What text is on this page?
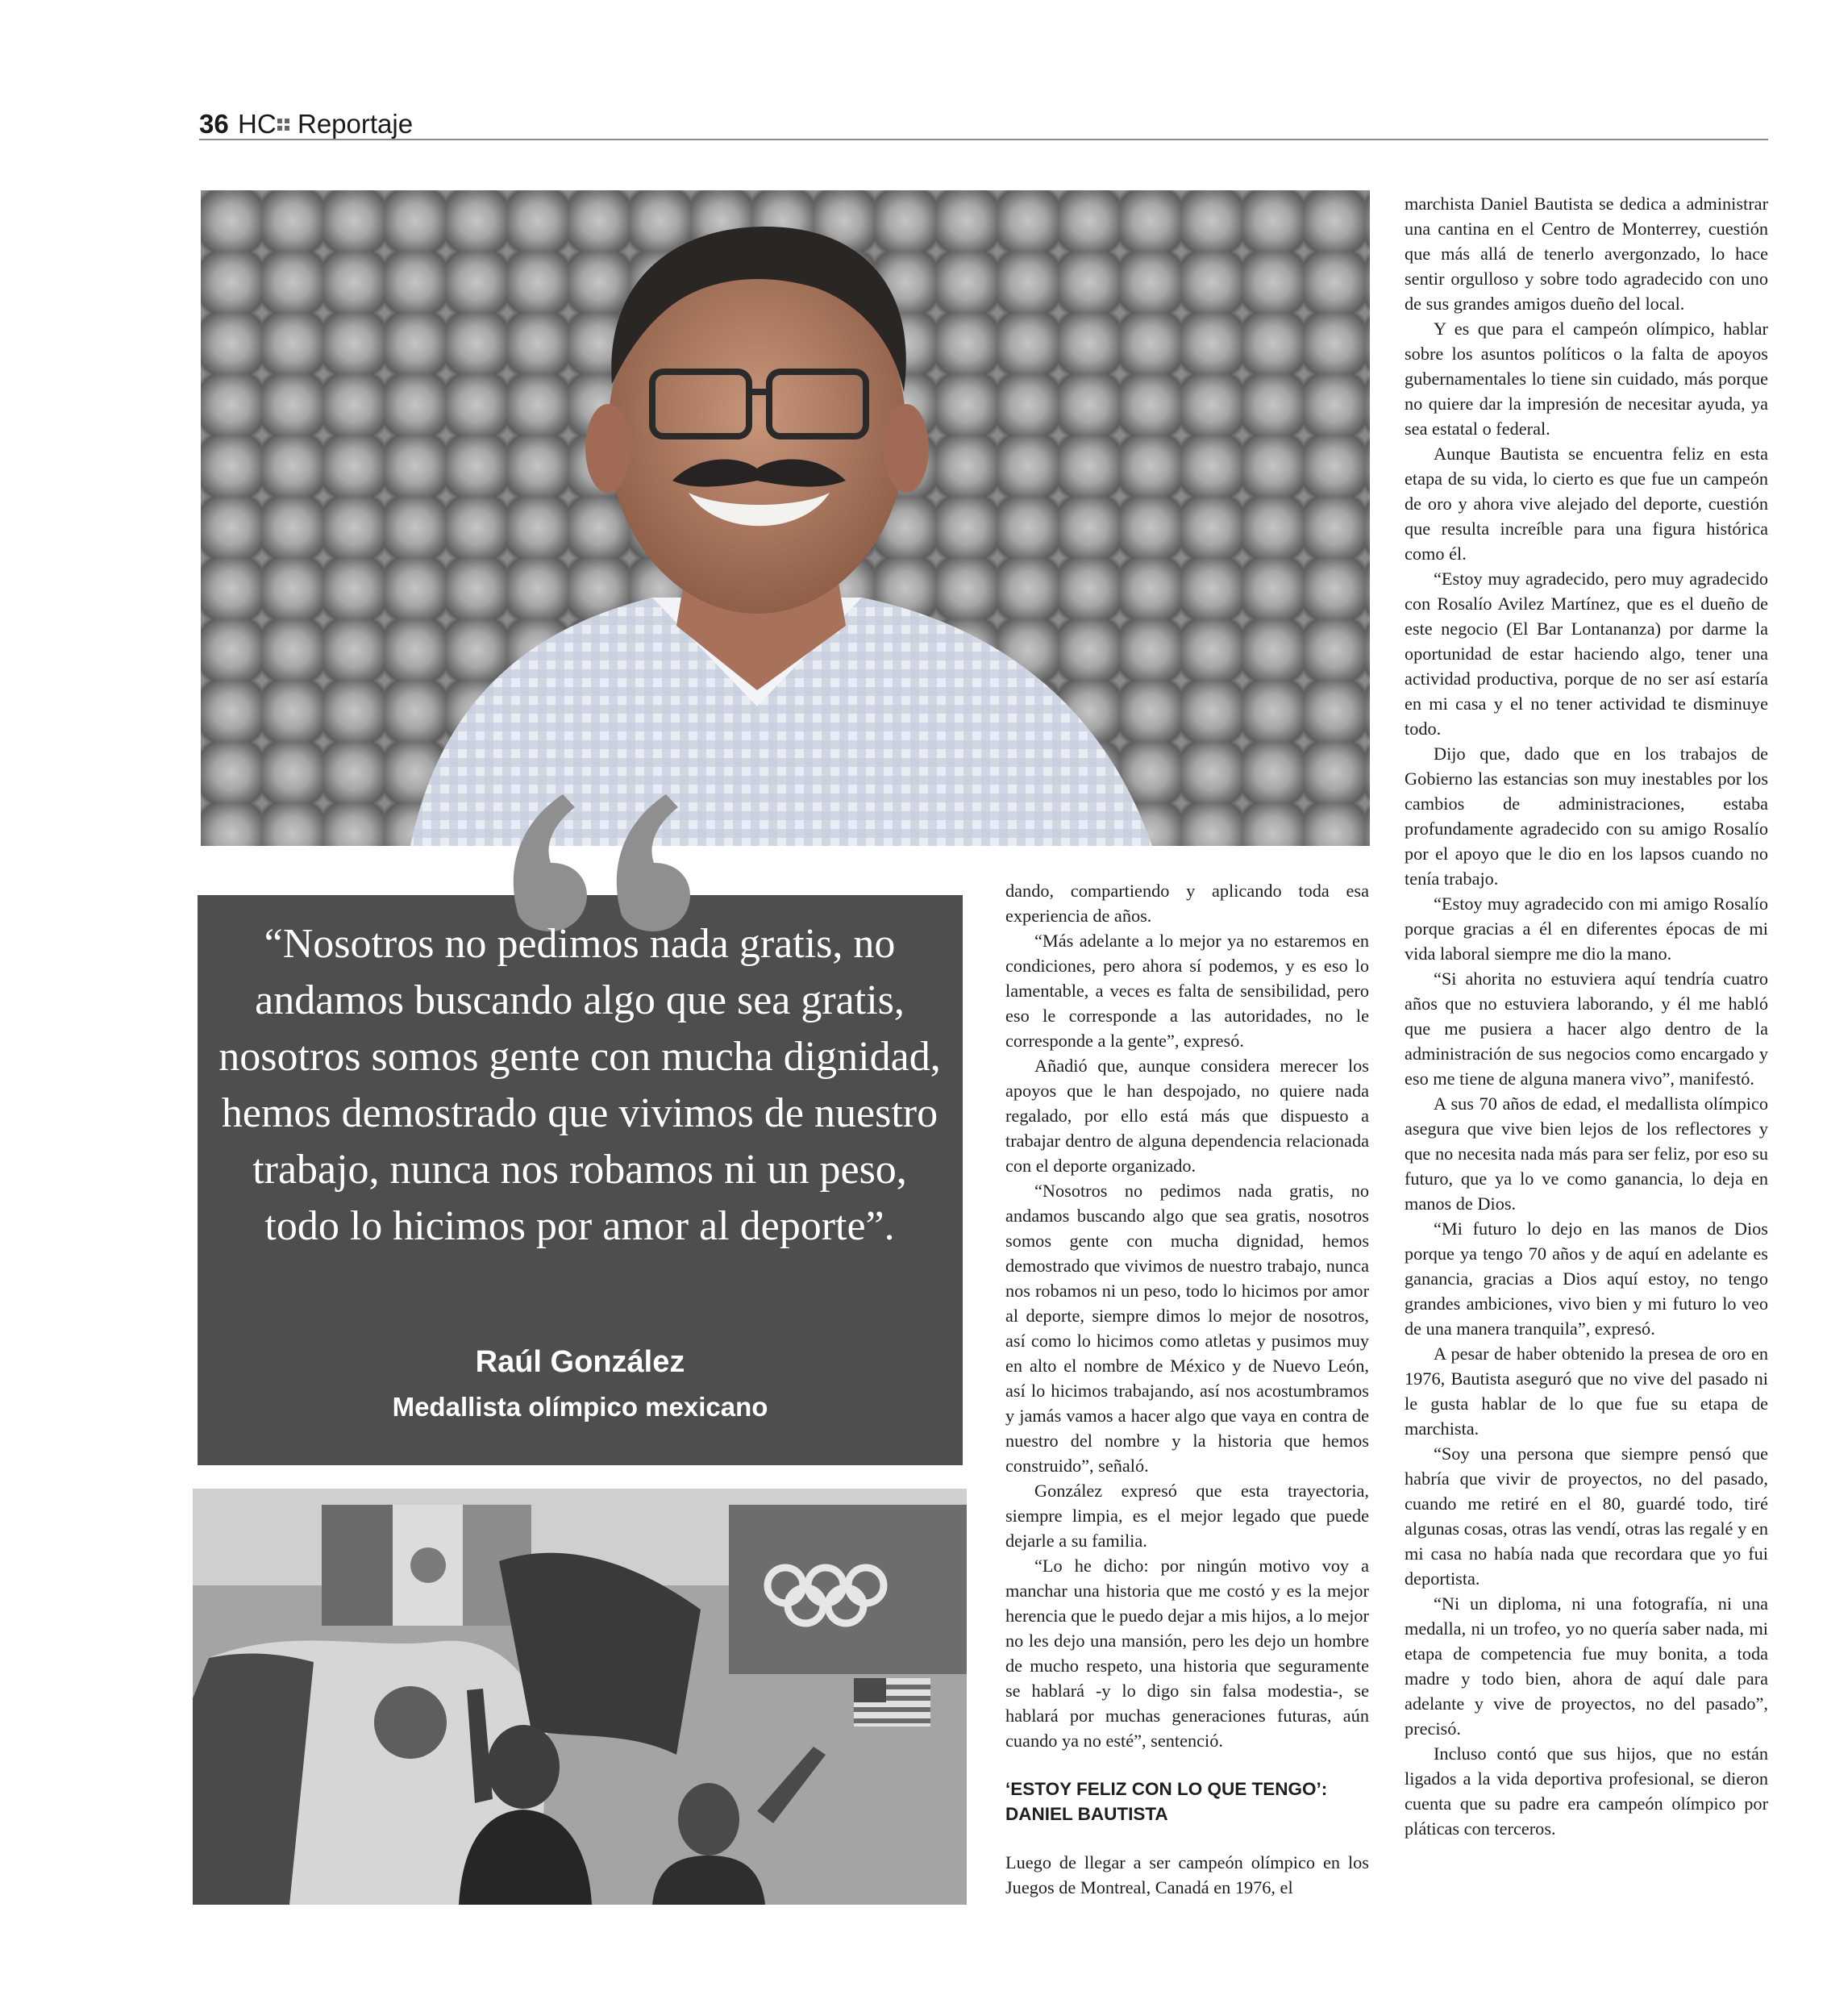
36 HC Reportaje

“Nosotros no pedimos nada gratis, no andamos buscando algo que sea gratis, nosotros somos gente con mucha dignidad, hemos demostrado que vivimos de nuestro trabajo, nunca nos robamos ni un peso, todo lo hicimos por amor al deporte”.

Raúl González

Medallista olímpico mexicano

dando, compartiendo y aplicando toda esa experiencia de años.

“Más adelante a lo mejor ya no estaremos en condiciones, pero ahora sí podemos, y es eso lo lamentable, a veces es falta de sensibilidad, pero eso le corresponde a las autoridades, no le corresponde a la gente”, expresó.

Añadió que, aunque considera merecer los apoyos que le han despojado, no quiere nada regalado, por ello está más que dispuesto a trabajar dentro de alguna dependencia relacionada con el deporte organizado.

“Nosotros no pedimos nada gratis, no andamos buscando algo que sea gratis, nosotros somos gente con mucha dignidad, hemos demostrado que vivimos de nuestro trabajo, nunca nos robamos ni un peso, todo lo hicimos por amor al deporte, siempre dimos lo mejor de nosotros, así como lo hicimos como atletas y pusimos muy en alto el nombre de México y de Nuevo León, así lo hicimos trabajando, así nos acostumbramos y jamás vamos a hacer algo que vaya en contra de nuestro del nombre y la historia que hemos construido”, señaló.

González expresó que esta trayectoria, siempre limpia, es el mejor legado que puede dejarle a su familia.

“Lo he dicho: por ningún motivo voy a manchar una historia que me costó y es la mejor herencia que le puedo dejar a mis hijos, a lo mejor no les dejo una mansión, pero les dejo un hombre de mucho respeto, una historia que seguramente se hablará -y lo digo sin falsa modestia-, se hablará por muchas generaciones futuras, aún cuando ya no esté”, sentenció.

‘ESTOY FELIZ CON LO QUE TENGO’: DANIEL BAUTISTA

Luego de llegar a ser campeón olímpico en los Juegos de Montreal, Canadá en 1976, el

marchista Daniel Bautista se dedica a administrar una cantina en el Centro de Monterrey, cuestión que más allá de tenerlo avergonzado, lo hace sentir orgulloso y sobre todo agradecido con uno de sus grandes amigos dueño del local.

Y es que para el campeón olímpico, hablar sobre los asuntos políticos o la falta de apoyos gubernamentales lo tiene sin cuidado, más porque no quiere dar la impresión de necesitar ayuda, ya sea estatal o federal.

Aunque Bautista se encuentra feliz en esta etapa de su vida, lo cierto es que fue un campeón de oro y ahora vive alejado del deporte, cuestión que resulta increíble para una figura histórica como él.

“Estoy muy agradecido, pero muy agradecido con Rosalío Avilez Martínez, que es el dueño de este negocio (El Bar Lontananza) por darme la oportunidad de estar haciendo algo, tener una actividad productiva, porque de no ser así estaría en mi casa y el no tener actividad te disminuye todo.

Dijo que, dado que en los trabajos de Gobierno las estancias son muy inestables por los cambios de administraciones, estaba profundamente agradecido con su amigo Rosalío por el apoyo que le dio en los lapsos cuando no tenía trabajo.

“Estoy muy agradecido con mi amigo Rosalío porque gracias a él en diferentes épocas de mi vida laboral siempre me dio la mano.

“Si ahorita no estuviera aquí tendría cuatro años que no estuviera laborando, y él me habló que me pusiera a hacer algo dentro de la administración de sus negocios como encargado y eso me tiene de alguna manera vivo”, manifestó.

A sus 70 años de edad, el medallista olímpico asegura que vive bien lejos de los reflectores y que no necesita nada más para ser feliz, por eso su futuro, que ya lo ve como ganancia, lo deja en manos de Dios.

“Mi futuro lo dejo en las manos de Dios porque ya tengo 70 años y de aquí en adelante es ganancia, gracias a Dios aquí estoy, no tengo grandes ambiciones, vivo bien y mi futuro lo veo de una manera tranquila”, expresó.

A pesar de haber obtenido la presea de oro en 1976, Bautista aseguró que no vive del pasado ni le gusta hablar de lo que fue su etapa de marchista.

“Soy una persona que siempre pensó que habría que vivir de proyectos, no del pasado, cuando me retiré en el 80, guardé todo, tiré algunas cosas, otras las vendí, otras las regalé y en mi casa no había nada que recordara que yo fui deportista.

“Ni un diploma, ni una fotografía, ni una medalla, ni un trofeo, yo no quería saber nada, mi etapa de competencia fue muy bonita, a toda madre y todo bien, ahora de aquí dale para adelante y vive de proyectos, no del pasado”, precisó.

Incluso contó que sus hijos, que no están ligados a la vida deportiva profesional, se dieron cuenta que su padre era campeón olímpico por pláticas con terceros.
